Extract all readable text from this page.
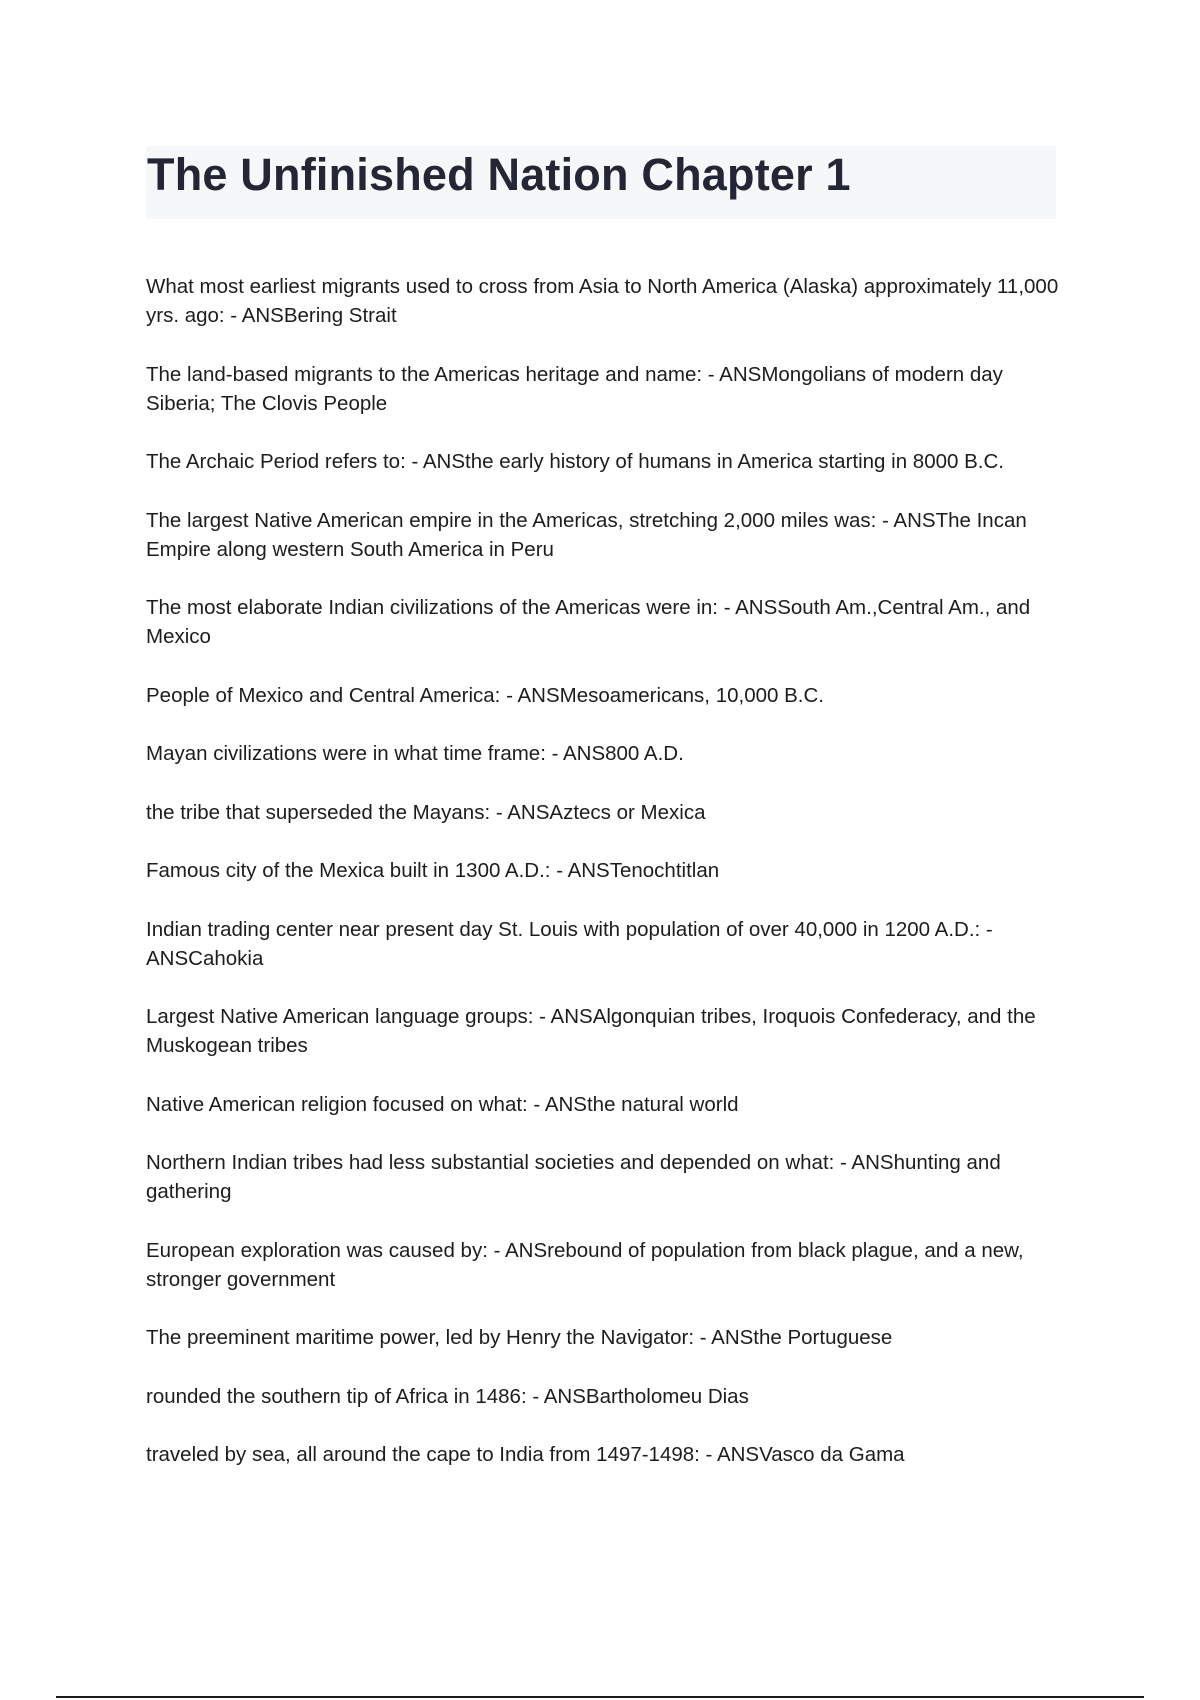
The Unfinished Nation Chapter 1
What most earliest migrants used to cross from Asia to North America (Alaska) approximately 11,000 yrs. ago: - ANSBering Strait
The land-based migrants to the Americas heritage and name: - ANSMongolians of modern day Siberia; The Clovis People
The Archaic Period refers to: - ANSthe early history of humans in America starting in 8000 B.C.
The largest Native American empire in the Americas, stretching 2,000 miles was: - ANSThe Incan Empire along western South America in Peru
The most elaborate Indian civilizations of the Americas were in: - ANSSouth Am.,Central Am., and Mexico
People of Mexico and Central America: - ANSMesoamericans, 10,000 B.C.
Mayan civilizations were in what time frame: - ANS800 A.D.
the tribe that superseded the Mayans: - ANSAztecs or Mexica
Famous city of the Mexica built in 1300 A.D.: - ANSTenochtitlan
Indian trading center near present day St. Louis with population of over 40,000 in 1200 A.D.: - ANSCahokia
Largest Native American language groups: - ANSAlgonquian tribes, Iroquois Confederacy, and the Muskogean tribes
Native American religion focused on what: - ANSthe natural world
Northern Indian tribes had less substantial societies and depended on what: - ANShunting and gathering
European exploration was caused by: - ANSrebound of population from black plague, and a new, stronger government
The preeminent maritime power, led by Henry the Navigator: - ANSthe Portuguese
rounded the southern tip of Africa in 1486: - ANSBartholomeu Dias
traveled by sea, all around the cape to India from 1497-1498: - ANSVasco da Gama
